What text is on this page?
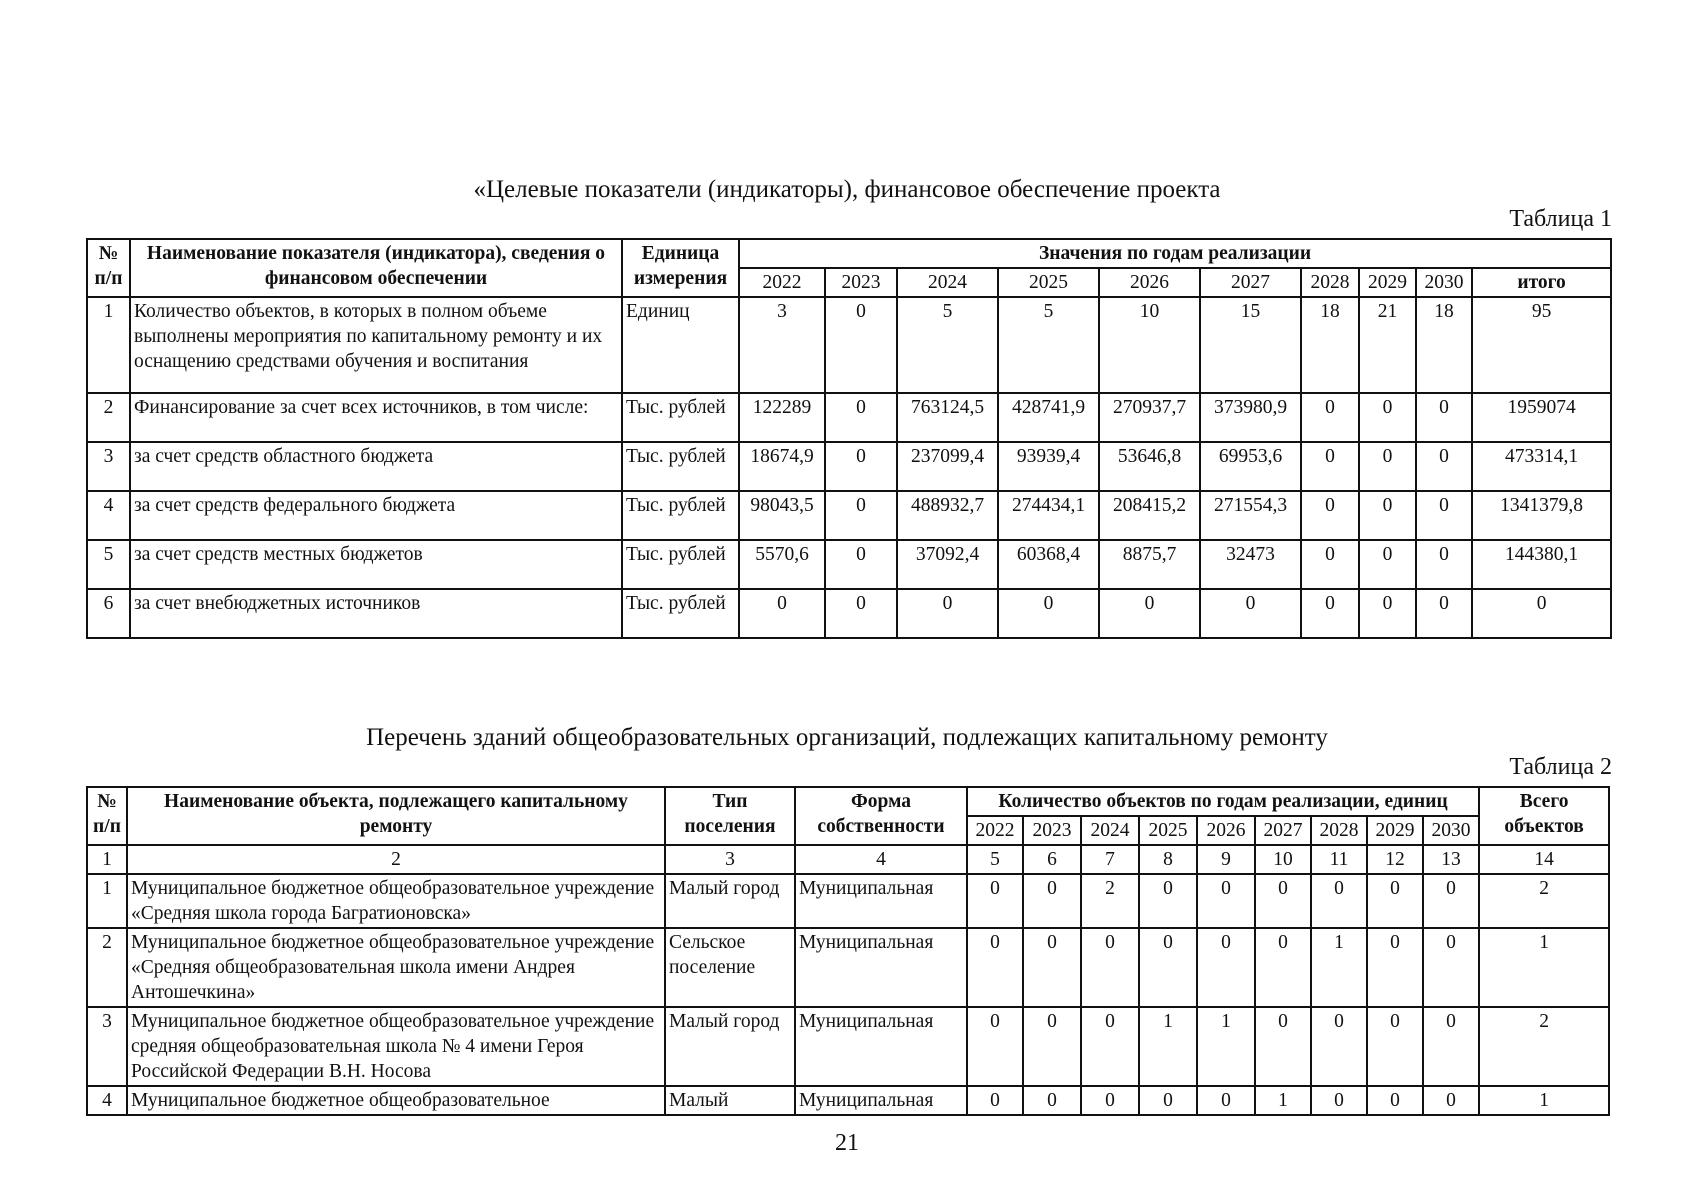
«Целевые показатели (индикаторы), финансовое обеспечение проекта
Таблица 1
№ п/п	Наименование показателя (индикатора), сведения о финансовом обеспечении	Единица измерения	Значения по годам реализации									
			2022	2023	2024	2025	2026	2027	2028	2029	2030	итого
1	Количество объектов, в которых в полном объеме выполнены мероприятия по капитальному ремонту и их оснащению средствами обучения и воспитания	Единиц	3	0	5	5	10	15	18	21	18	95
2	Финансирование за счет всех источников, в том числе:	Тыс. рублей	122289	0	763124,5	428741,9	270937,7	373980,9	0	0	0	1959074
3	за счет средств областного бюджета	Тыс. рублей	18674,9	0	237099,4	93939,4	53646,8	69953,6	0	0	0	473314,1
4	за счет средств федерального бюджета	Тыс. рублей	98043,5	0	488932,7	274434,1	208415,2	271554,3	0	0	0	1341379,8
5	за счет средств местных бюджетов	Тыс. рублей	5570,6	0	37092,4	60368,4	8875,7	32473	0	0	0	144380,1
6	за счет внебюджетных источников	Тыс. рублей	0	0	0	0	0	0	0	0	0	0
Перечень зданий общеобразовательных организаций, подлежащих капитальному ремонту
Таблица 2
№ п/п	Наименование объекта, подлежащего капитальному ремонту	Тип поселения	Форма собственности	Количество объектов по годам реализации, единиц									Всего объектов
				2022	2023	2024	2025	2026	2027	2028	2029	2030	
1	2	3	4	5	6	7	8	9	10	11	12	13	14
1	Муниципальное бюджетное общеобразовательное учреждение «Средняя школа города Багратионовска»	Малый город	Муниципальная	0	0	2	0	0	0	0	0	0	2
2	Муниципальное бюджетное общеобразовательное учреждение «Средняя общеобразовательная школа имени Андрея Антошечкина»	Сельское поселение	Муниципальная	0	0	0	0	0	0	1	0	0	1
3	Муниципальное бюджетное общеобразовательное учреждение средняя общеобразовательная школа № 4 имени Героя Российской Федерации В.Н. Носова	Малый город	Муниципальная	0	0	0	1	1	0	0	0	0	2
4	Муниципальное бюджетное общеобразовательное	Малый	Муниципальная	0	0	0	0	0	1	0	0	0	1
21
